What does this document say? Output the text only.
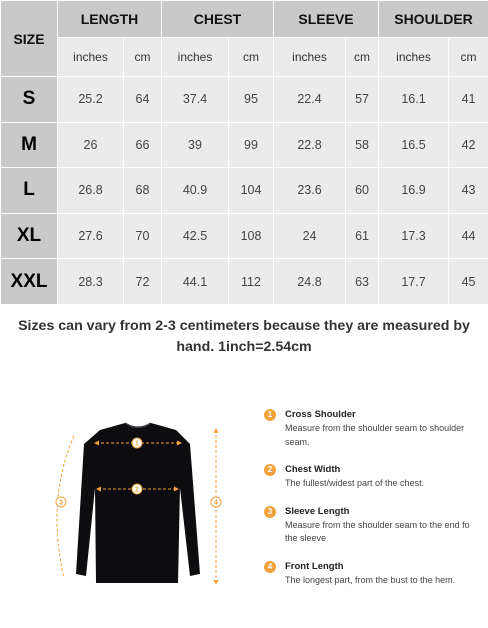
SIZE	LENGTH		CHEST		SLEEVE		SHOULDER	
	inches	cm	inches	cm	inches	cm	inches	cm
S	25.2	64	37.4	95	22.4	57	16.1	41
M	26	66	39	99	22.8	58	16.5	42
L	26.8	68	40.9	104	23.6	60	16.9	43
XL	27.6	70	42.5	108	24	61	17.3	44
XXL	28.3	72	44.1	112	24.8	63	17.7	45
Sizes can vary from 2-3 centimeters because they are measured by hand. 1inch=2.54cm
1
2
3	4
1	Cross Shoulder
Measure from the shoulder seam to shoulder seam.
2	Chest Width
The fullest/widest part of the chest.
3	Sleeve Length
Measure from the shoulder seam to the end fo the sleeve
4	Front Length
The longest part, from the bust to the hem.
